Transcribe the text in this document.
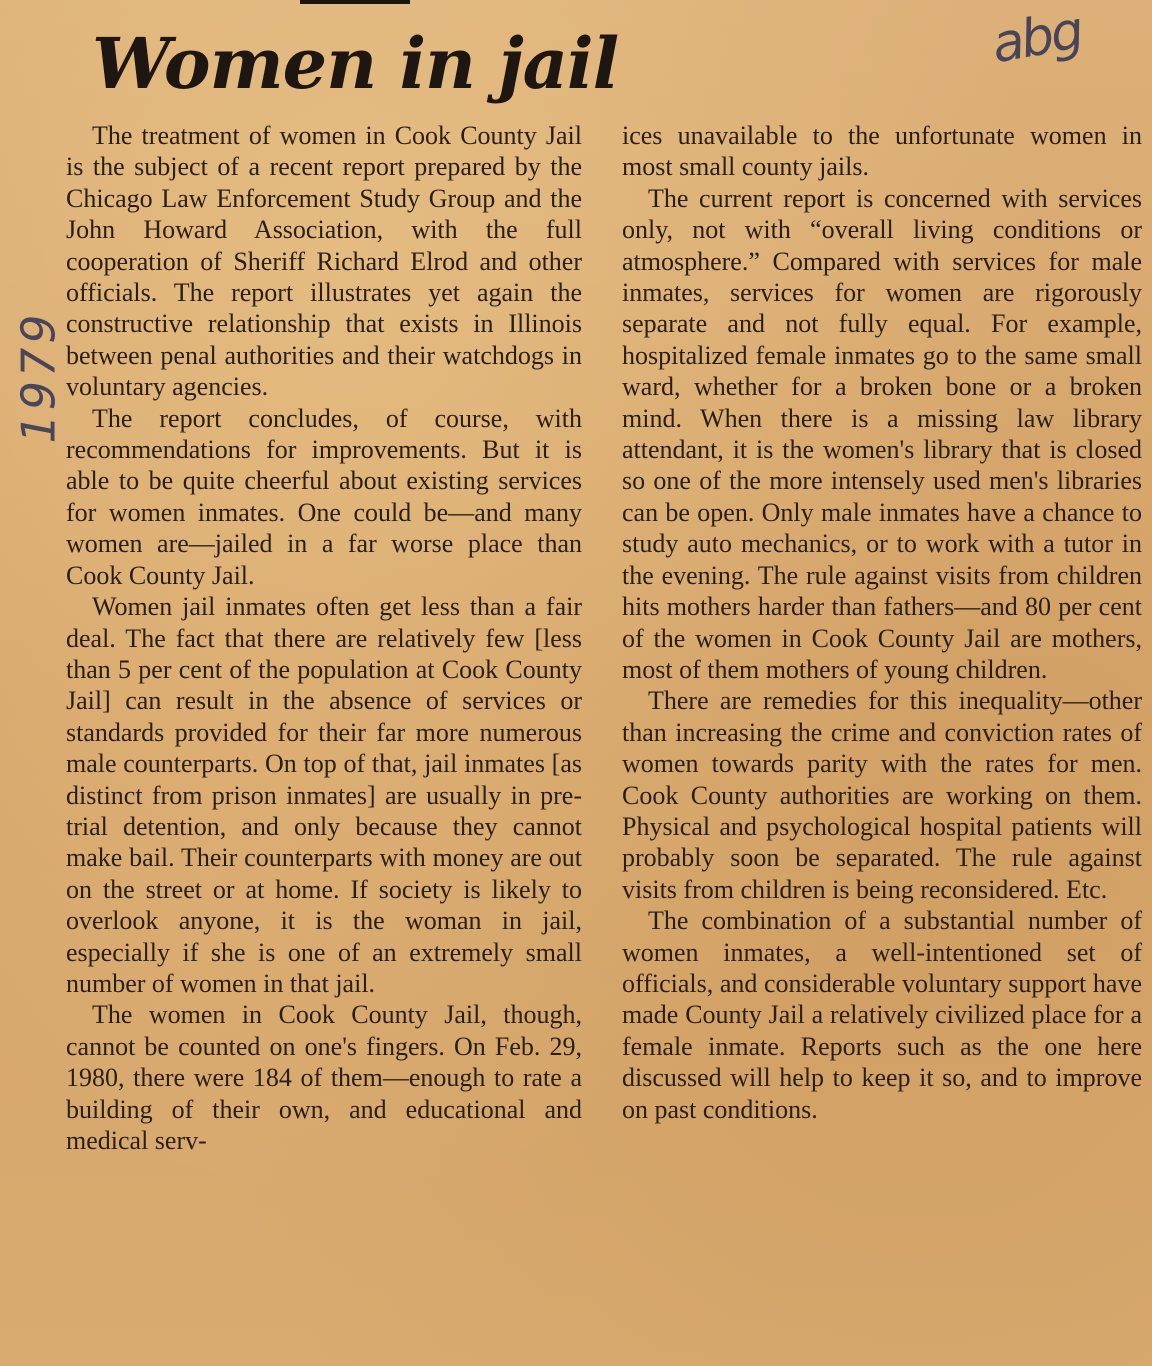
Women in jail	abg
1979

The treatment of women in Cook County Jail is the subject of a recent report prepared by the Chicago Law Enforcement Study Group and the John Howard Association, with the full cooperation of Sheriff Richard Elrod and other officials. The report illustrates yet again the constructive relationship that exists in Illinois between penal authorities and their watchdogs in voluntary agencies.

The report concludes, of course, with recommendations for improvements. But it is able to be quite cheerful about existing services for women inmates. One could be—and many women are—jailed in a far worse place than Cook County Jail.

Women jail inmates often get less than a fair deal. The fact that there are relatively few [less than 5 per cent of the population at Cook County Jail] can result in the absence of services or standards provided for their far more numerous male counterparts. On top of that, jail inmates [as distinct from prison inmates] are usually in pre-trial detention, and only because they cannot make bail. Their counterparts with money are out on the street or at home. If society is likely to overlook anyone, it is the woman in jail, especially if she is one of an extremely small number of women in that jail.

The women in Cook County Jail, though, cannot be counted on one's fingers. On Feb. 29, 1980, there were 184 of them—enough to rate a building of their own, and educational and medical serv-

ices unavailable to the unfortunate women in most small county jails.

The current report is concerned with services only, not with “overall living conditions or atmosphere.” Compared with services for male inmates, services for women are rigorously separate and not fully equal. For example, hospitalized female inmates go to the same small ward, whether for a broken bone or a broken mind. When there is a missing law library attendant, it is the women's library that is closed so one of the more intensely used men's libraries can be open. Only male inmates have a chance to study auto mechanics, or to work with a tutor in the evening. The rule against visits from children hits mothers harder than fathers—and 80 per cent of the women in Cook County Jail are mothers, most of them mothers of young children.

There are remedies for this inequality—other than increasing the crime and conviction rates of women towards parity with the rates for men. Cook County authorities are working on them. Physical and psychological hospital patients will probably soon be separated. The rule against visits from children is being reconsidered. Etc.

The combination of a substantial number of women inmates, a well-intentioned set of officials, and considerable voluntary support have made County Jail a relatively civilized place for a female inmate. Reports such as the one here discussed will help to keep it so, and to improve on past conditions.
